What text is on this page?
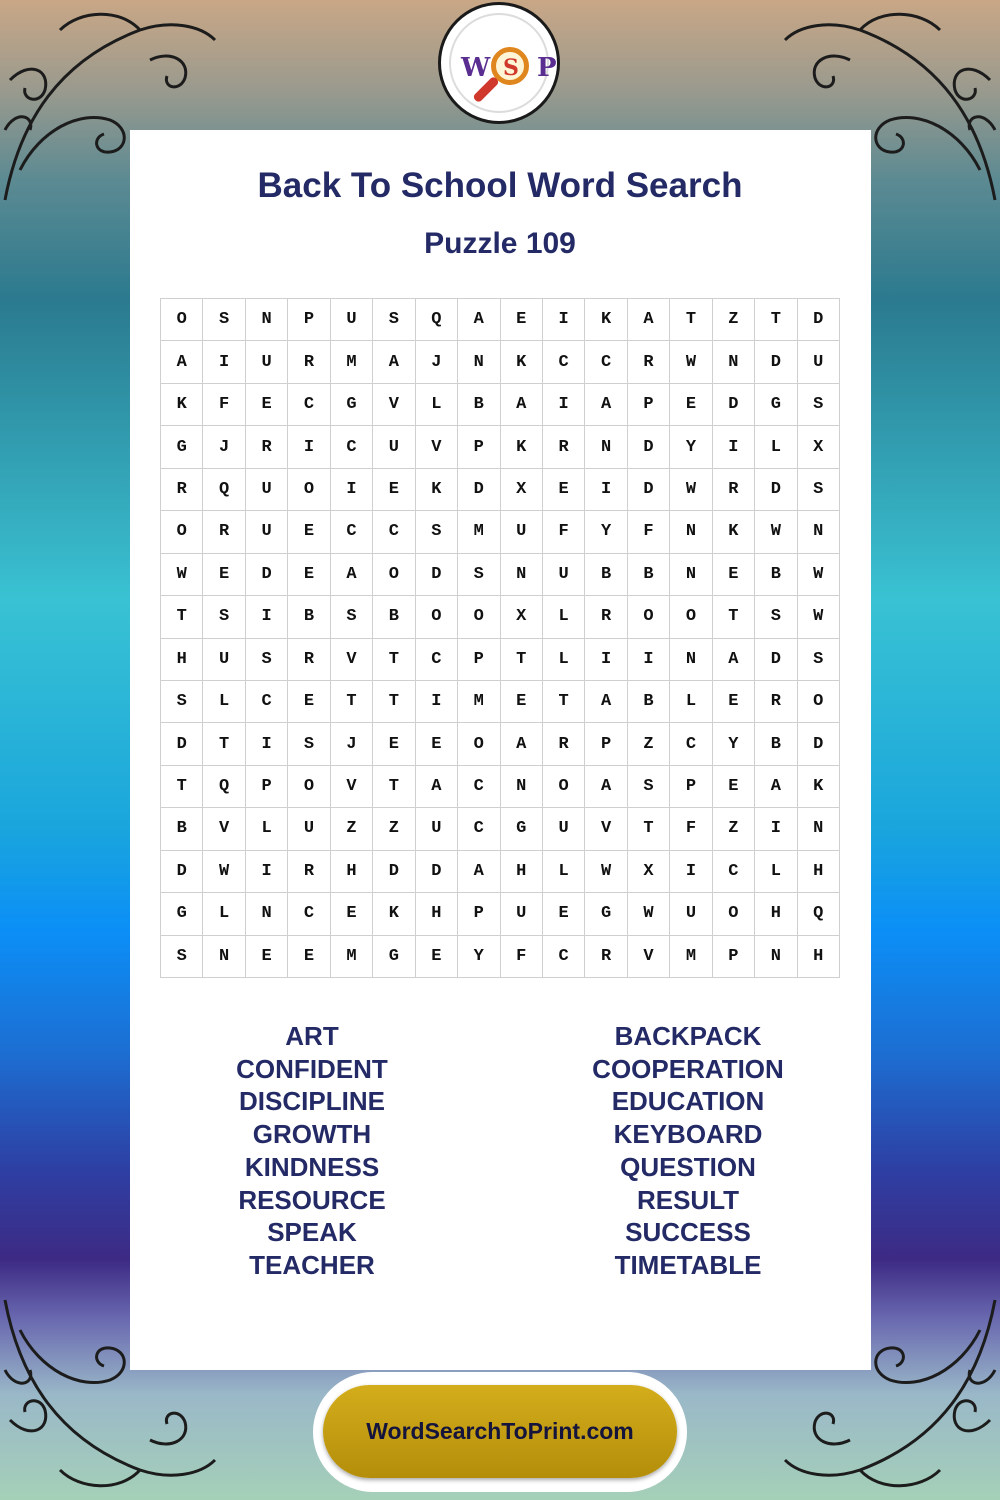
W S P
Back To School Word Search
Puzzle 109
O	S	N	P	U	S	Q	A	E	I	K	A	T	Z	T	D
A	I	U	R	M	A	J	N	K	C	C	R	W	N	D	U
K	F	E	C	G	V	L	B	A	I	A	P	E	D	G	S
G	J	R	I	C	U	V	P	K	R	N	D	Y	I	L	X
R	Q	U	O	I	E	K	D	X	E	I	D	W	R	D	S
O	R	U	E	C	C	S	M	U	F	Y	F	N	K	W	N
W	E	D	E	A	O	D	S	N	U	B	B	N	E	B	W
T	S	I	B	S	B	O	O	X	L	R	O	O	T	S	W
H	U	S	R	V	T	C	P	T	L	I	I	N	A	D	S
S	L	C	E	T	T	I	M	E	T	A	B	L	E	R	O
D	T	I	S	J	E	E	O	A	R	P	Z	C	Y	B	D
T	Q	P	O	V	T	A	C	N	O	A	S	P	E	A	K
B	V	L	U	Z	Z	U	C	G	U	V	T	F	Z	I	N
D	W	I	R	H	D	D	A	H	L	W	X	I	C	L	H
G	L	N	C	E	K	H	P	U	E	G	W	U	O	H	Q
S	N	E	E	M	G	E	Y	F	C	R	V	M	P	N	H
ART
CONFIDENT
DISCIPLINE
GROWTH
KINDNESS
RESOURCE
SPEAK
TEACHER
BACKPACK
COOPERATION
EDUCATION
KEYBOARD
QUESTION
RESULT
SUCCESS
TIMETABLE
WordSearchToPrint.com
